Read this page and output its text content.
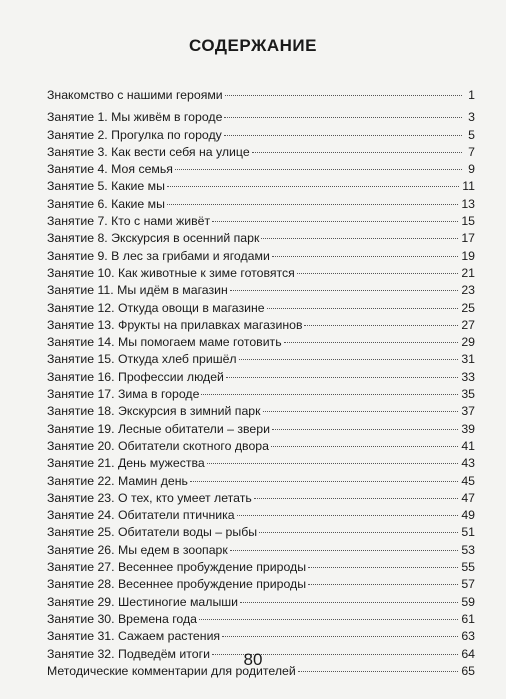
СОДЕРЖАНИЕ
Знакомство с нашими героями	1
Занятие 1. Мы живём в городе	3
Занятие 2. Прогулка по городу	5
Занятие 3. Как вести себя на улице	7
Занятие 4. Моя семья	9
Занятие 5. Какие мы	11
Занятие 6. Какие мы	13
Занятие 7. Кто с нами живёт	15
Занятие 8. Экскурсия в осенний парк	17
Занятие 9. В лес за грибами и ягодами	19
Занятие 10. Как животные к зиме готовятся	21
Занятие 11. Мы идём в магазин	23
Занятие 12. Откуда овощи в магазине	25
Занятие 13. Фрукты на прилавках магазинов	27
Занятие 14. Мы помогаем маме готовить	29
Занятие 15. Откуда хлеб пришёл	31
Занятие 16. Профессии людей	33
Занятие 17. Зима в городе	35
Занятие 18. Экскурсия в зимний парк	37
Занятие 19. Лесные обитатели – звери	39
Занятие 20. Обитатели скотного двора	41
Занятие 21. День мужества	43
Занятие 22. Мамин день	45
Занятие 23. О тех, кто умеет летать	47
Занятие 24. Обитатели птичника	49
Занятие 25. Обитатели воды – рыбы	51
Занятие 26. Мы едем в зоопарк	53
Занятие 27. Весеннее пробуждение природы	55
Занятие 28. Весеннее пробуждение природы	57
Занятие 29. Шестиногие малыши	59
Занятие 30. Времена года	61
Занятие 31. Сажаем растения	63
Занятие 32. Подведём итоги	64
Методические комментарии для родителей	65
80
